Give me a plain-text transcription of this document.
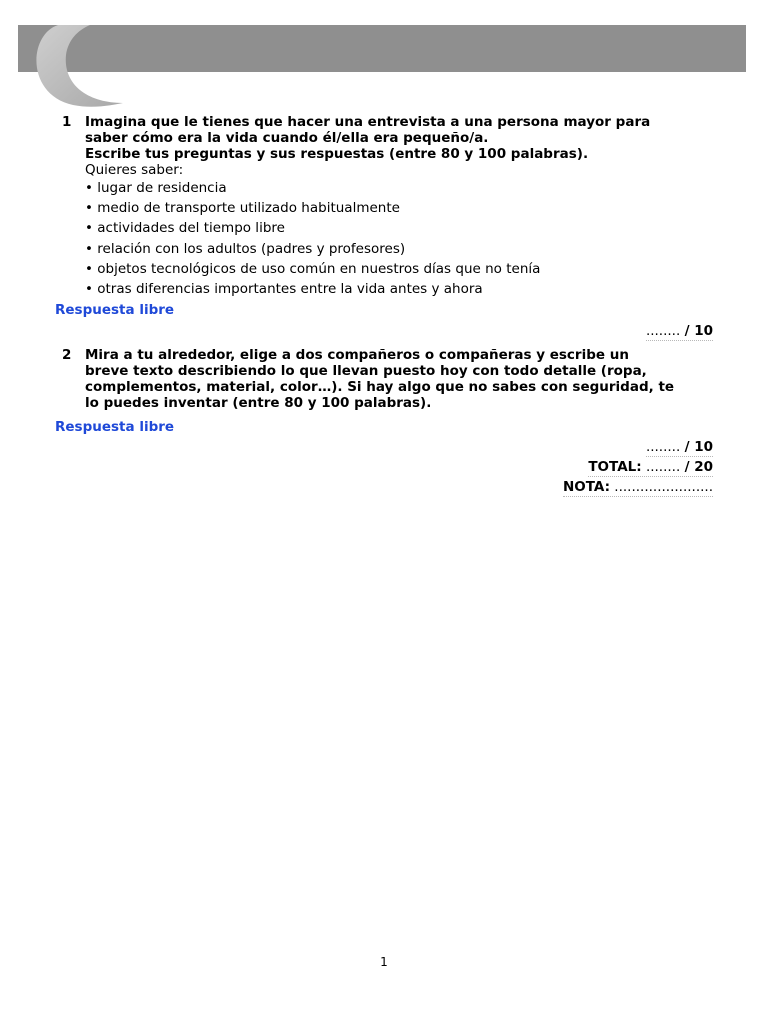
1	Imagina que le tienes que hacer una entrevista a una persona mayor para
saber cómo era la vida cuando él/ella era pequeño/a.
Escribe tus preguntas y sus respuestas (entre 80 y 100 palabras).
Quieres saber:
• lugar de residencia
• medio de transporte utilizado habitualmente
• actividades del tiempo libre
• relación con los adultos (padres y profesores)
• objetos tecnológicos de uso común en nuestros días que no tenía
• otras diferencias importantes entre la vida antes y ahora
Respuesta libre
........ / 10
2	Mira a tu alrededor, elige a dos compañeros o compañeras y escribe un
breve texto describiendo lo que llevan puesto hoy con todo detalle (ropa,
complementos, material, color…). Si hay algo que no sabes con seguridad, te
lo puedes inventar (entre 80 y 100 palabras).
Respuesta libre
........ / 10
TOTAL: ........ / 20
NOTA: .......................
1
